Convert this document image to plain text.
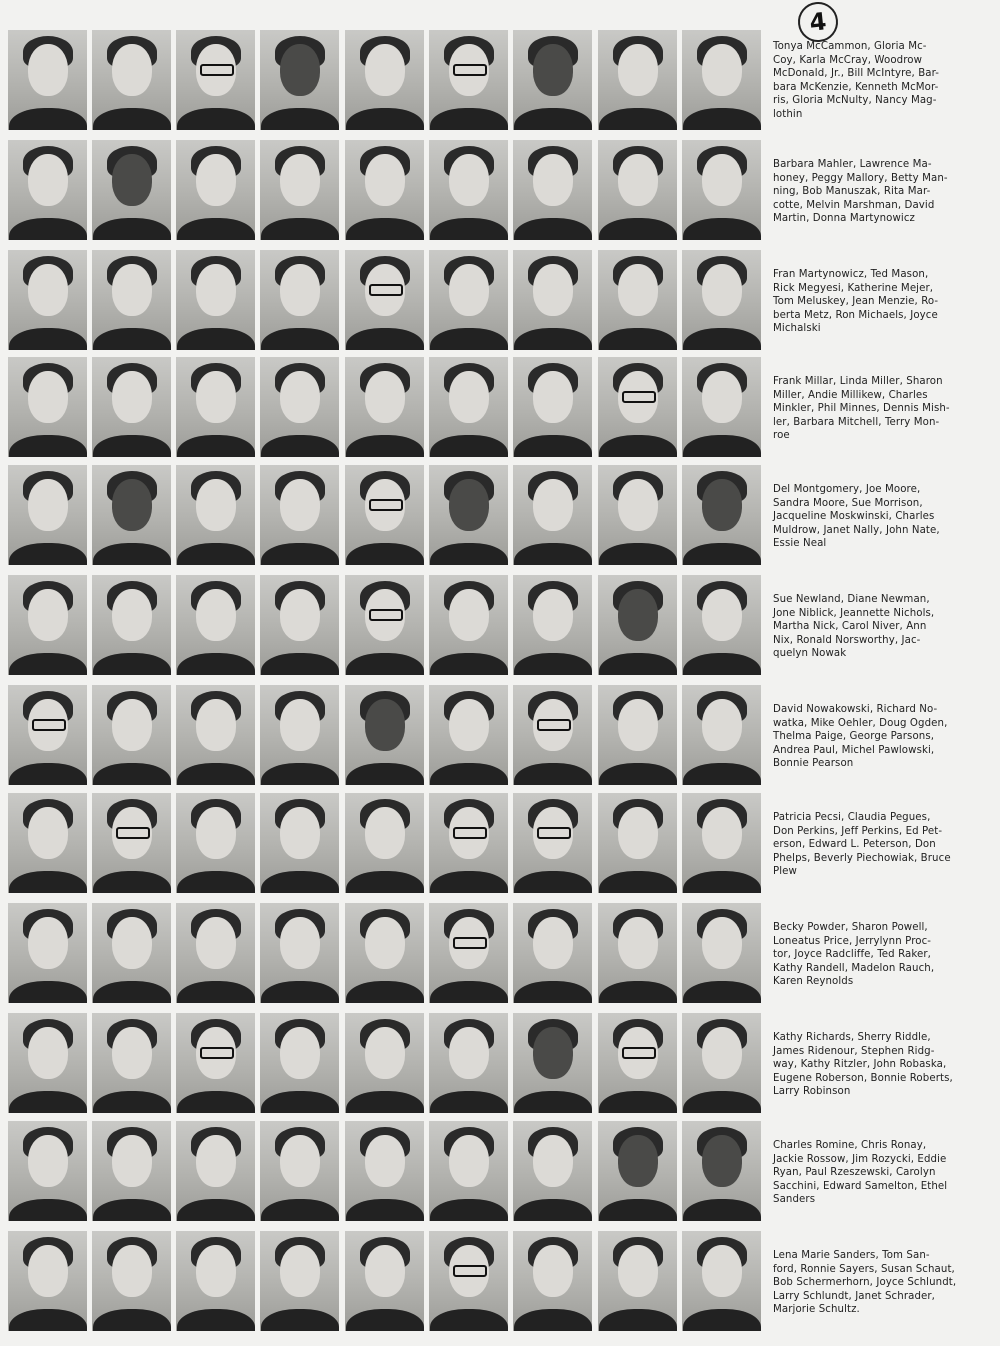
4
Tonya McCammon, Gloria Mc-
Coy, Karla McCray, Woodrow
McDonald, Jr., Bill McIntyre, Bar-
bara McKenzie, Kenneth McMor-
ris, Gloria McNulty, Nancy Mag-
lothin
Barbara Mahler, Lawrence Ma-
honey, Peggy Mallory, Betty Man-
ning, Bob Manuszak, Rita Mar-
cotte, Melvin Marshman, David
Martin, Donna Martynowicz
Fran Martynowicz, Ted Mason,
Rick Megyesi, Katherine Mejer,
Tom Meluskey, Jean Menzie, Ro-
berta Metz, Ron Michaels, Joyce
Michalski
Frank Millar, Linda Miller, Sharon
Miller, Andie Millikew, Charles
Minkler, Phil Minnes, Dennis Mish-
ler, Barbara Mitchell, Terry Mon-
roe
Del Montgomery, Joe Moore,
Sandra Moore, Sue Morrison,
Jacqueline Moskwinski, Charles
Muldrow, Janet Nally, John Nate,
Essie Neal
Sue Newland, Diane Newman,
Jone Niblick, Jeannette Nichols,
Martha Nick, Carol Niver, Ann
Nix, Ronald Norsworthy, Jac-
quelyn Nowak
David Nowakowski, Richard No-
watka, Mike Oehler, Doug Ogden,
Thelma Paige, George Parsons,
Andrea Paul, Michel Pawlowski,
Bonnie Pearson
Patricia Pecsi, Claudia Pegues,
Don Perkins, Jeff Perkins, Ed Pet-
erson, Edward L. Peterson, Don
Phelps, Beverly Piechowiak, Bruce
Plew
Becky Powder, Sharon Powell,
Loneatus Price, Jerrylynn Proc-
tor, Joyce Radcliffe, Ted Raker,
Kathy Randell, Madelon Rauch,
Karen Reynolds
Kathy Richards, Sherry Riddle,
James Ridenour, Stephen Ridg-
way, Kathy Ritzler, John Robaska,
Eugene Roberson, Bonnie Roberts,
Larry Robinson
Charles Romine, Chris Ronay,
Jackie Rossow, Jim Rozycki, Eddie
Ryan, Paul Rzeszewski, Carolyn
Sacchini, Edward Samelton, Ethel
Sanders
Lena Marie Sanders, Tom San-
ford, Ronnie Sayers, Susan Schaut,
Bob Schermerhorn, Joyce Schlundt,
Larry Schlundt, Janet Schrader,
Marjorie Schultz.
